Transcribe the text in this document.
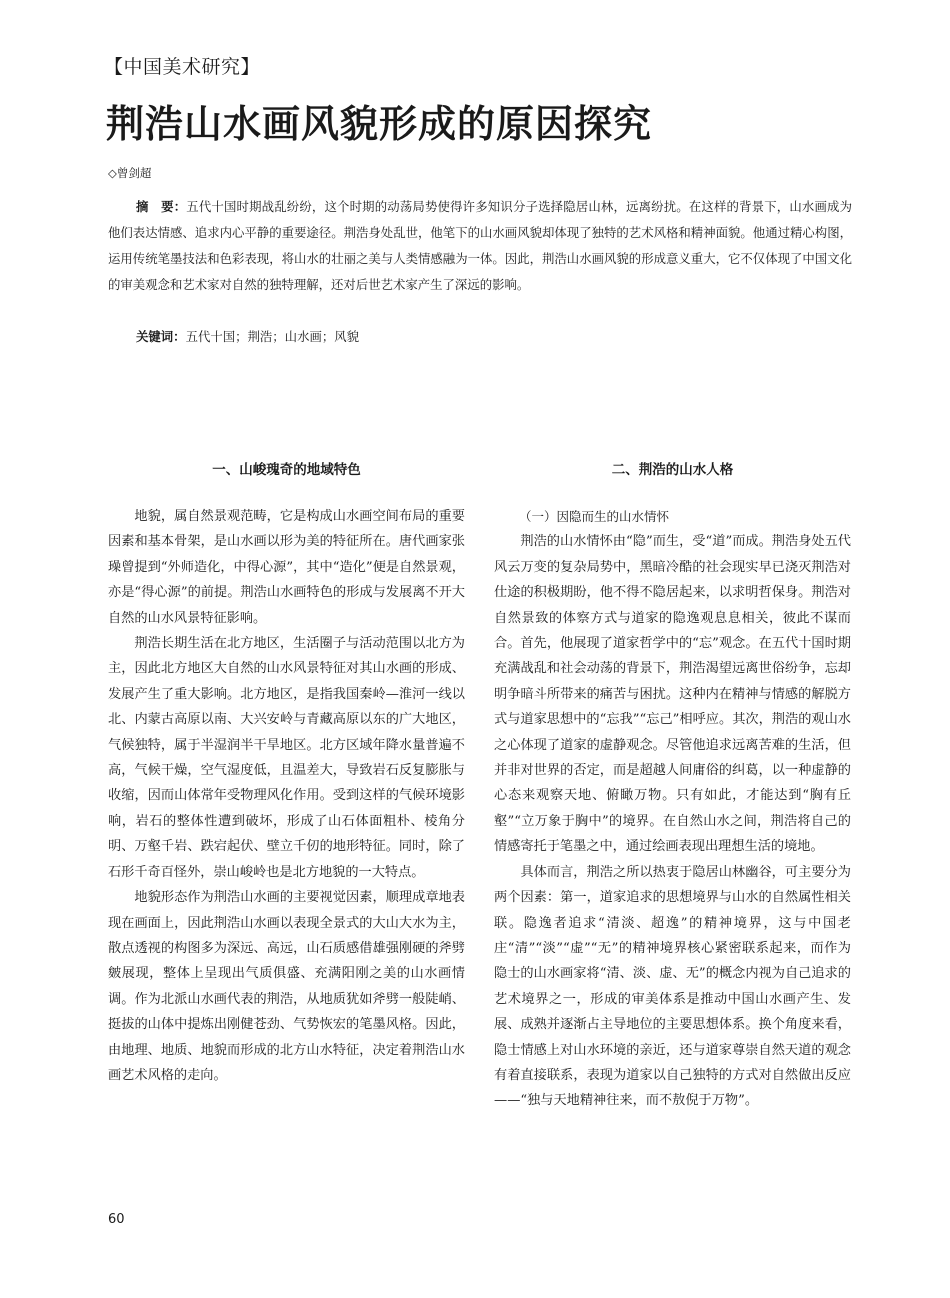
【中国美术研究】
荆浩山水画风貌形成的原因探究
◇曾剑超

摘　要：五代十国时期战乱纷纷，这个时期的动荡局势使得许多知识分子选择隐居山林，远离纷扰。在这样的背景下，山水画成为他们表达情感、追求内心平静的重要途径。荆浩身处乱世，他笔下的山水画风貌却体现了独特的艺术风格和精神面貌。他通过精心构图，运用传统笔墨技法和色彩表现，将山水的壮丽之美与人类情感融为一体。因此，荆浩山水画风貌的形成意义重大，它不仅体现了中国文化的审美观念和艺术家对自然的独特理解，还对后世艺术家产生了深远的影响。

关键词：五代十国；荆浩；山水画；风貌
一、山峻瑰奇的地域特色

地貌，属自然景观范畴，它是构成山水画空间布局的重要因素和基本骨架，是山水画以形为美的特征所在。唐代画家张璪曾提到“外师造化，中得心源”，其中“造化”便是自然景观，亦是“得心源”的前提。荆浩山水画特色的形成与发展离不开大自然的山水风景特征影响。

荆浩长期生活在北方地区，生活圈子与活动范围以北方为主，因此北方地区大自然的山水风景特征对其山水画的形成、发展产生了重大影响。北方地区，是指我国秦岭—淮河一线以北、内蒙古高原以南、大兴安岭与青藏高原以东的广大地区，气候独特，属于半湿润半干旱地区。北方区域年降水量普遍不高，气候干燥，空气湿度低，且温差大，导致岩石反复膨胀与收缩，因而山体常年受物理风化作用。受到这样的气候环境影响，岩石的整体性遭到破坏，形成了山石体面粗朴、棱角分明、万壑千岩、跌宕起伏、壁立千仞的地形特征。同时，除了石形千奇百怪外，崇山峻岭也是北方地貌的一大特点。

地貌形态作为荆浩山水画的主要视觉因素，顺理成章地表现在画面上，因此荆浩山水画以表现全景式的大山大水为主，散点透视的构图多为深远、高远，山石质感借雄强刚硬的斧劈皴展现，整体上呈现出气质俱盛、充满阳刚之美的山水画情调。作为北派山水画代表的荆浩，从地质犹如斧劈一般陡峭、挺拔的山体中提炼出刚健苍劲、气势恢宏的笔墨风格。因此，由地理、地质、地貌而形成的北方山水特征，决定着荆浩山水画艺术风格的走向。

二、荆浩的山水人格
（一）因隐而生的山水情怀

荆浩的山水情怀由“隐”而生，受“道”而成。荆浩身处五代风云万变的复杂局势中，黑暗冷酷的社会现实早已浇灭荆浩对仕途的积极期盼，他不得不隐居起来，以求明哲保身。荆浩对自然景致的体察方式与道家的隐逸观息息相关，彼此不谋而合。首先，他展现了道家哲学中的“忘”观念。在五代十国时期充满战乱和社会动荡的背景下，荆浩渴望远离世俗纷争，忘却明争暗斗所带来的痛苦与困扰。这种内在精神与情感的解脱方式与道家思想中的“忘我”“忘己”相呼应。其次，荆浩的观山水之心体现了道家的虚静观念。尽管他追求远离苦难的生活，但并非对世界的否定，而是超越人间庸俗的纠葛，以一种虚静的心态来观察天地、俯瞰万物。只有如此，才能达到“胸有丘壑”“立万象于胸中”的境界。在自然山水之间，荆浩将自己的情感寄托于笔墨之中，通过绘画表现出理想生活的境地。

具体而言，荆浩之所以热衷于隐居山林幽谷，可主要分为两个因素：第一，道家追求的思想境界与山水的自然属性相关联。隐逸者追求“清淡、超逸”的精神境界，这与中国老庄“清”“淡”“虚”“无”的精神境界核心紧密联系起来，而作为隐士的山水画家将“清、淡、虚、无”的概念内视为自己追求的艺术境界之一，形成的审美体系是推动中国山水画产生、发展、成熟并逐渐占主导地位的主要思想体系。换个角度来看，隐士情感上对山水环境的亲近，还与道家尊崇自然天道的观念有着直接联系，表现为道家以自己独特的方式对自然做出反应——“独与天地精神往来，而不敖倪于万物”。

60
